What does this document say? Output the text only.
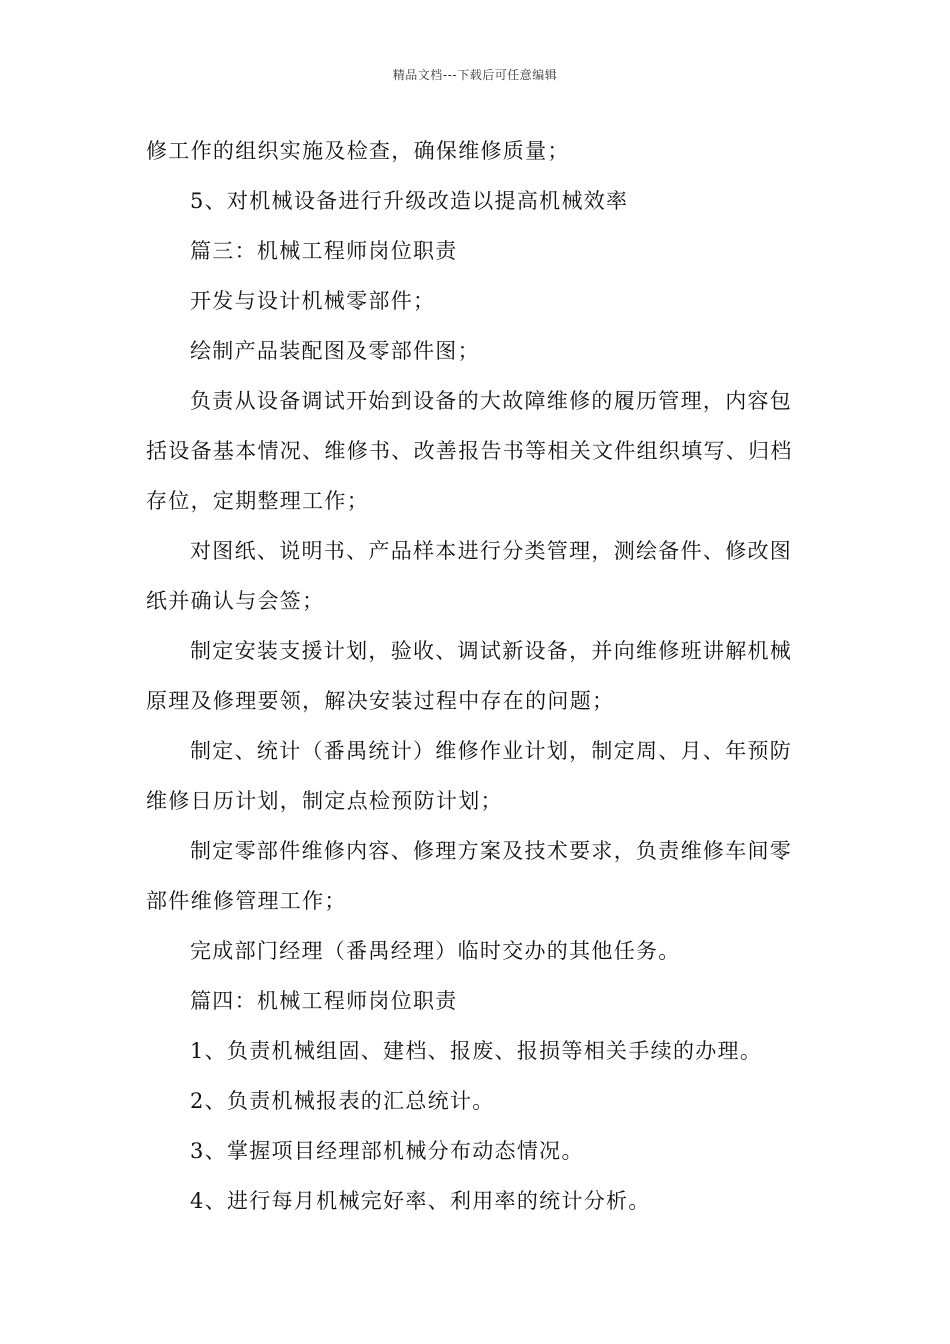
精品文档---下载后可任意编辑
修工作的组织实施及检查，确保维修质量；
5、对机械设备进行升级改造以提高机械效率
篇三：机械工程师岗位职责
开发与设计机械零部件；
绘制产品装配图及零部件图；
负责从设备调试开始到设备的大故障维修的履历管理，内容包
括设备基本情况、维修书、改善报告书等相关文件组织填写、归档
存位，定期整理工作；
对图纸、说明书、产品样本进行分类管理，测绘备件、修改图
纸并确认与会签；
制定安装支援计划，验收、调试新设备，并向维修班讲解机械
原理及修理要领，解决安装过程中存在的问题；
制定、统计（番禺统计）维修作业计划，制定周、月、年预防
维修日历计划，制定点检预防计划；
制定零部件维修内容、修理方案及技术要求，负责维修车间零
部件维修管理工作；
完成部门经理（番禺经理）临时交办的其他任务。
篇四：机械工程师岗位职责
1、负责机械组固、建档、报废、报损等相关手续的办理。
2、负责机械报表的汇总统计。
3、掌握项目经理部机械分布动态情况。
4、进行每月机械完好率、利用率的统计分析。
